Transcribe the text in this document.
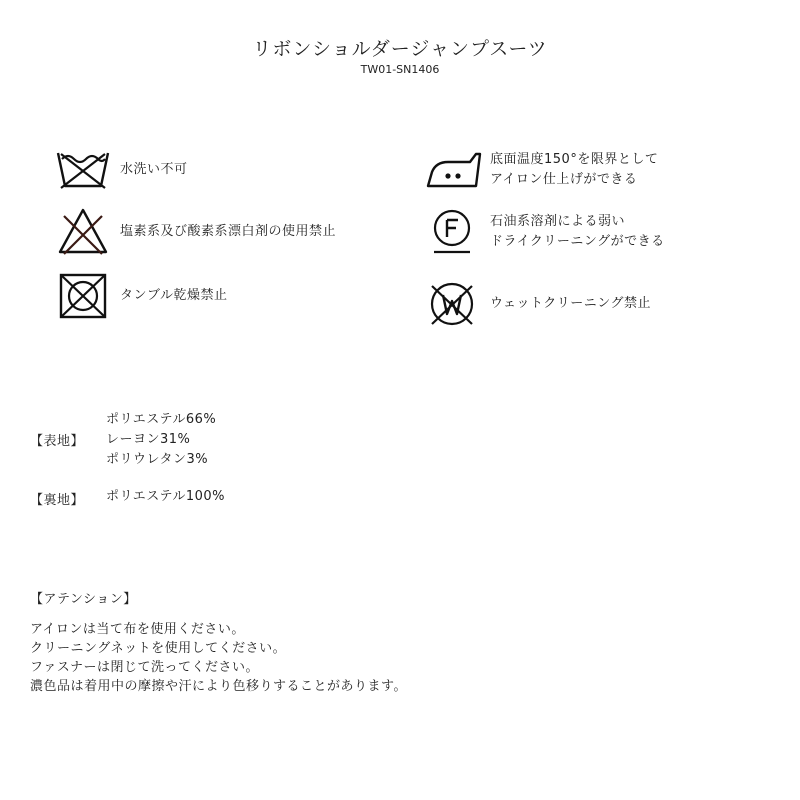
リボンショルダージャンプスーツ
TW01-SN1406
水洗い不可
塩素系及び酸素系漂白剤の使用禁止
タンブル乾燥禁止
底面温度150°を限界として
アイロン仕上げができる
石油系溶剤による弱い
ドライクリーニングができる
ウェットクリーニング禁止
【表地】
ポリエステル66%
レーヨン31%
ポリウレタン3%
【裏地】 ポリエステル100%
【アテンション】
アイロンは当て布を使用ください。
クリーニングネットを使用してください。
ファスナーは閉じて洗ってください。
濃色品は着用中の摩擦や汗により色移りすることがあります。
